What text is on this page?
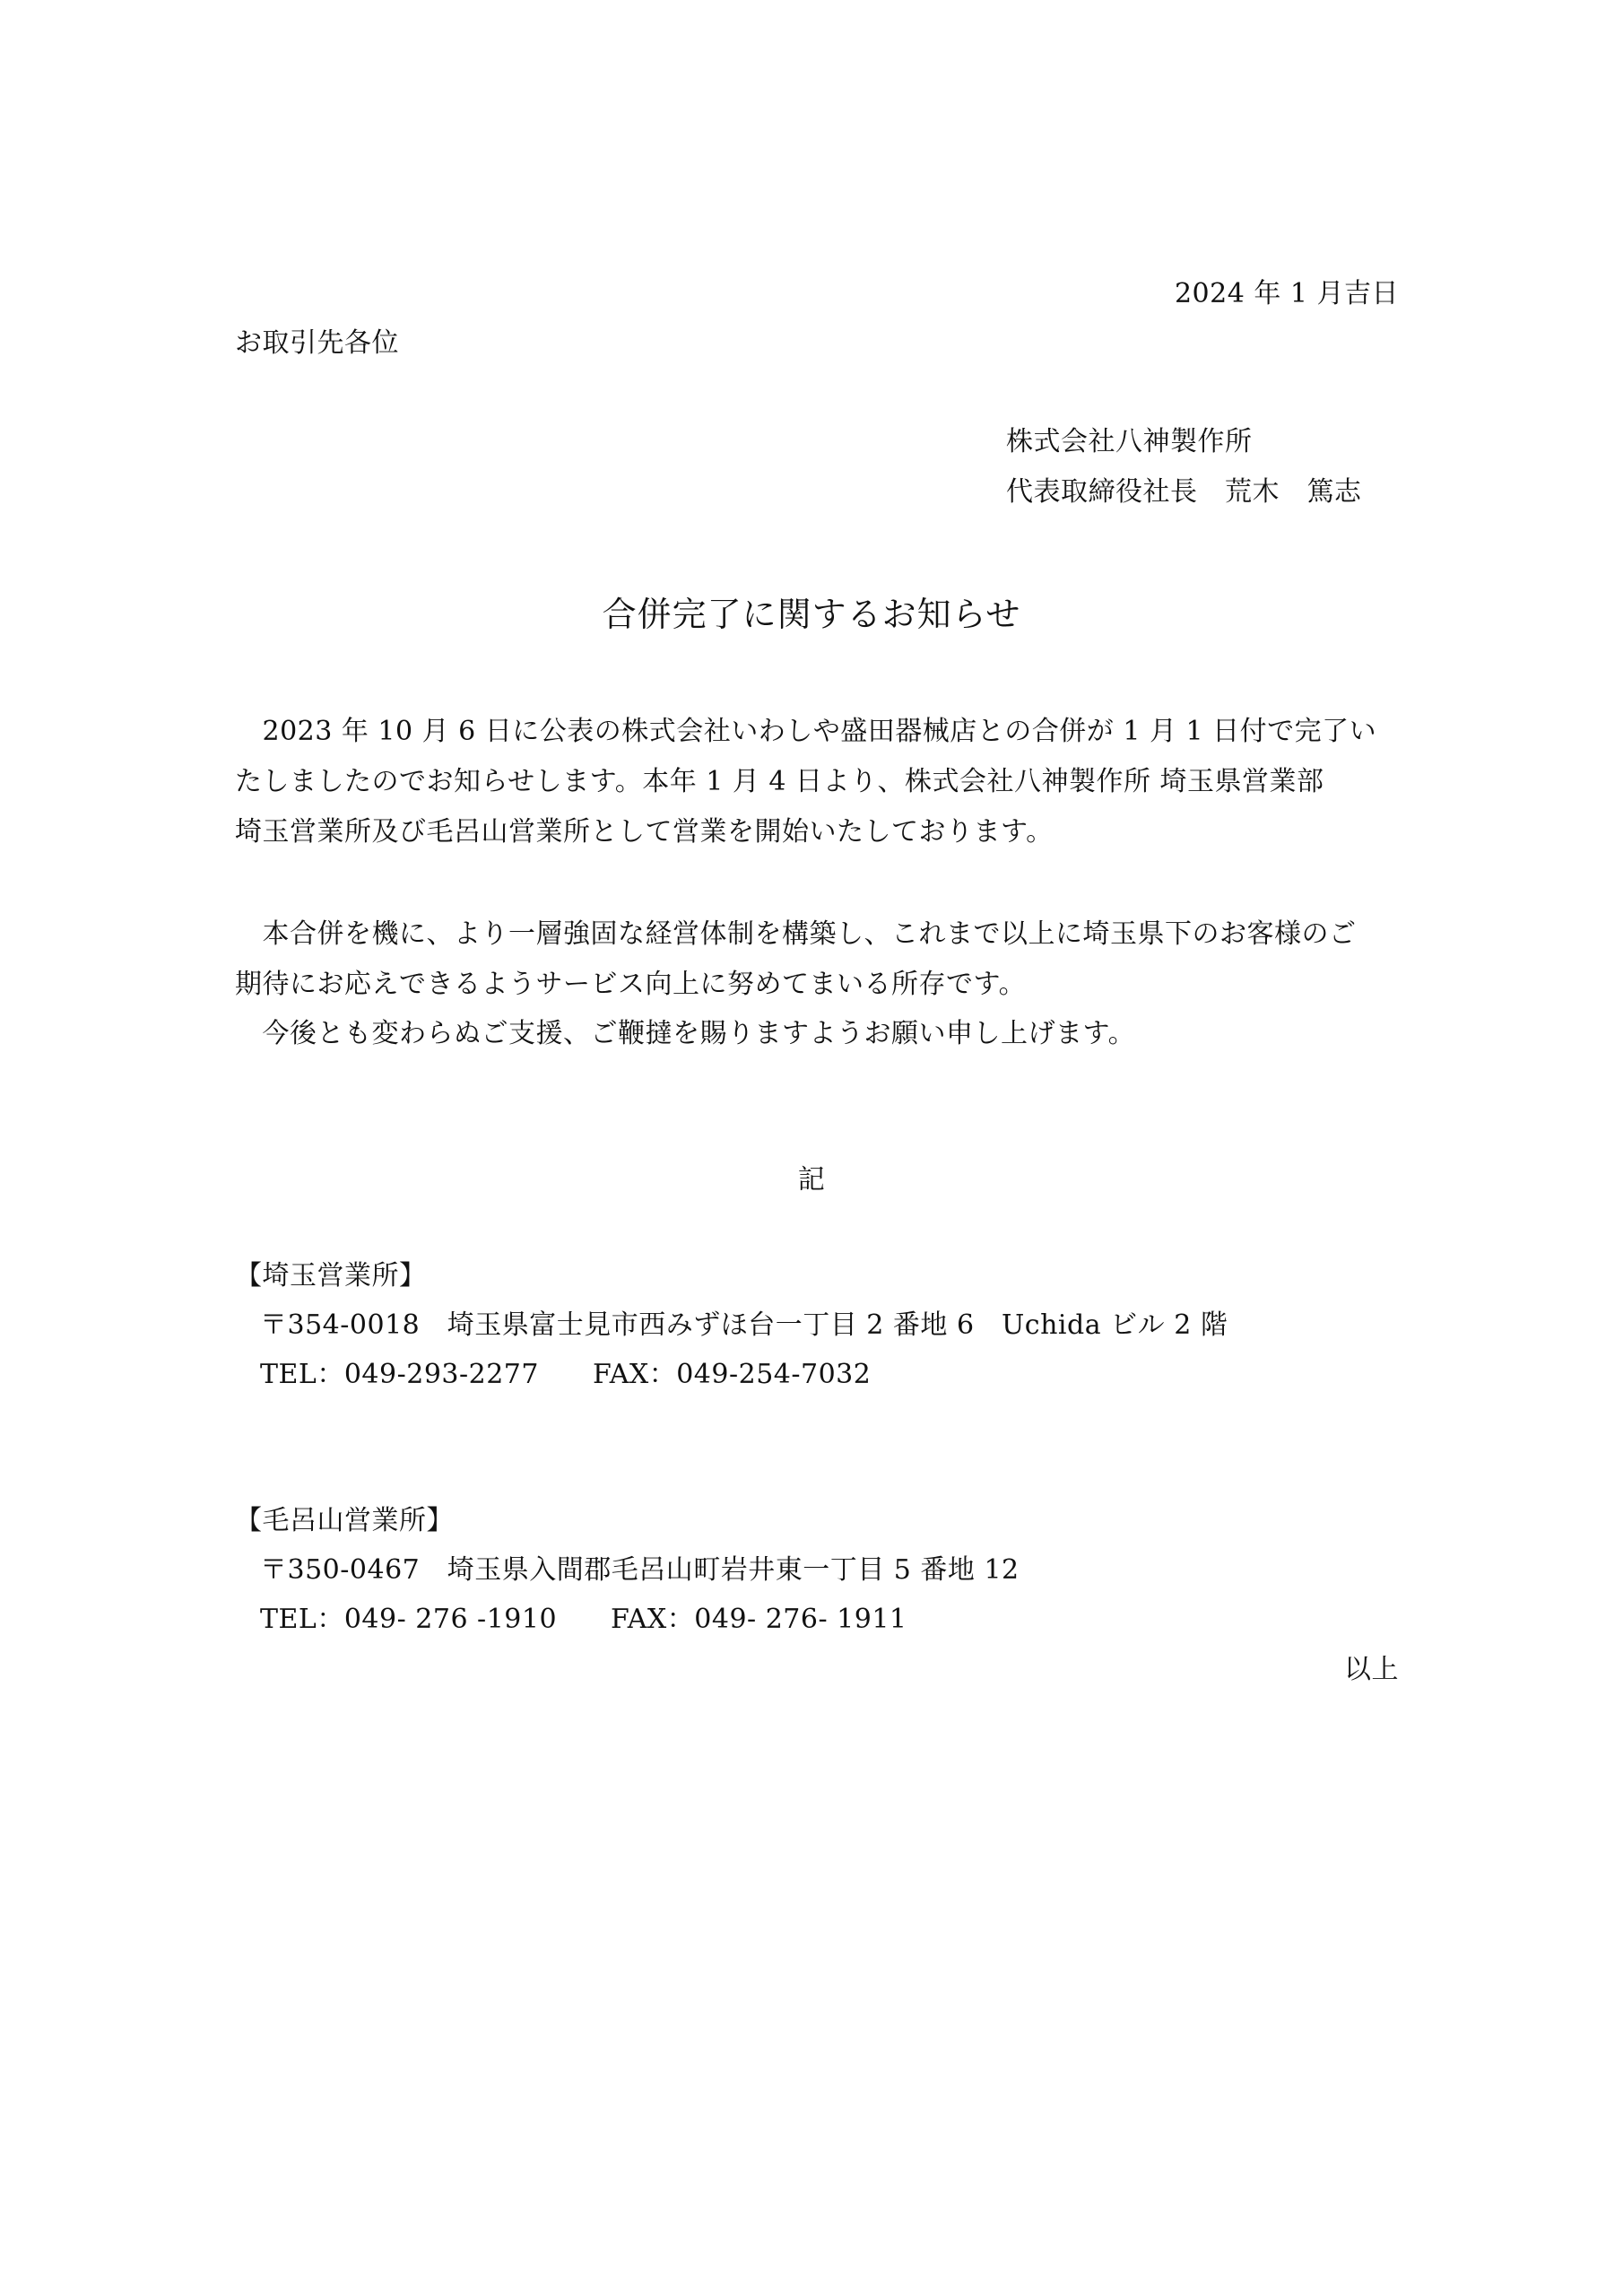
2024 年 1 月吉日
お取引先各位
株式会社八神製作所
代表取締役社長　荒木　篤志
合併完了に関するお知らせ
　2023 年 10 月 6 日に公表の株式会社いわしや盛田器械店との合併が 1 月 1 日付で完了い
たしましたのでお知らせします。本年 1 月 4 日より、株式会社八神製作所 埼玉県営業部
埼玉営業所及び毛呂山営業所として営業を開始いたしております。
　本合併を機に、より一層強固な経営体制を構築し、これまで以上に埼玉県下のお客様のご
期待にお応えできるようサービス向上に努めてまいる所存です。
　今後とも変わらぬご支援、ご鞭撻を賜りますようお願い申し上げます。
記
【埼玉営業所】
〒354-0018　埼玉県富士見市西みずほ台一丁目 2 番地 6　Uchida ビル 2 階
TEL：049-293-2277 FAX：049-254-7032
【毛呂山営業所】
〒350-0467　埼玉県入間郡毛呂山町岩井東一丁目 5 番地 12
TEL：049- 276 -1910 FAX：049- 276- 1911
以上
